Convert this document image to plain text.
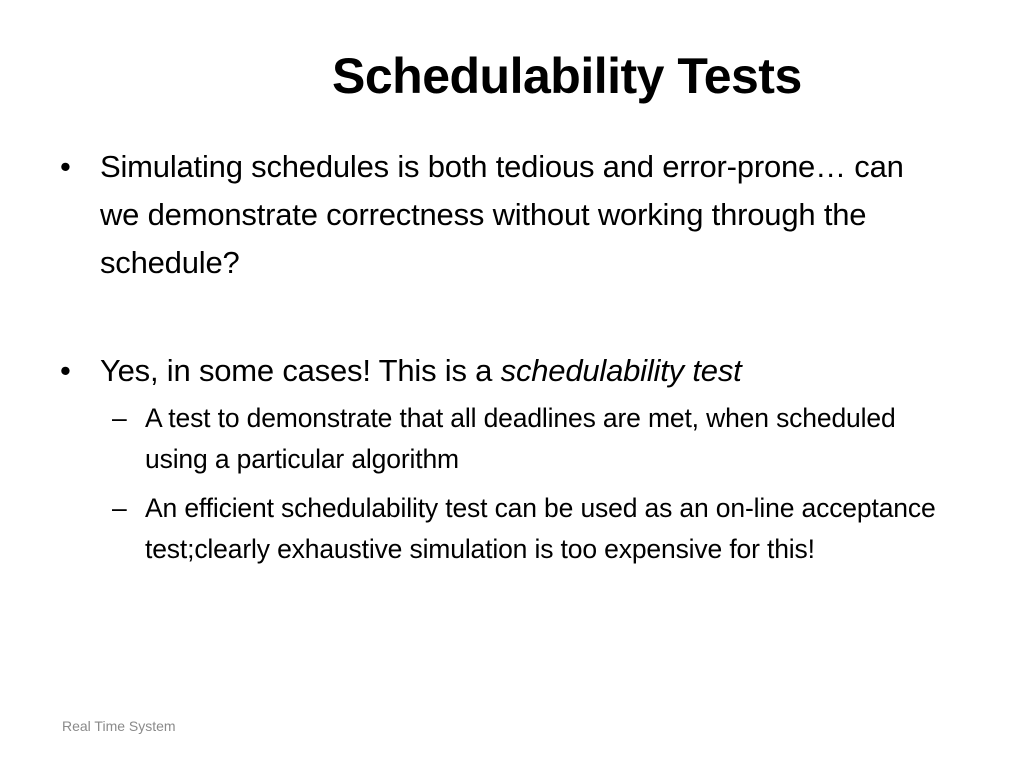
Schedulability Tests
• Simulating schedules is both tedious and error-prone… can we demonstrate correctness without working through the schedule?
• Yes, in some cases! This is a schedulability test
– A test to demonstrate that all deadlines are met, when scheduled using a particular algorithm
– An efficient schedulability test can be used as an on-line acceptance test;clearly exhaustive simulation is too expensive for this!
Real Time System
